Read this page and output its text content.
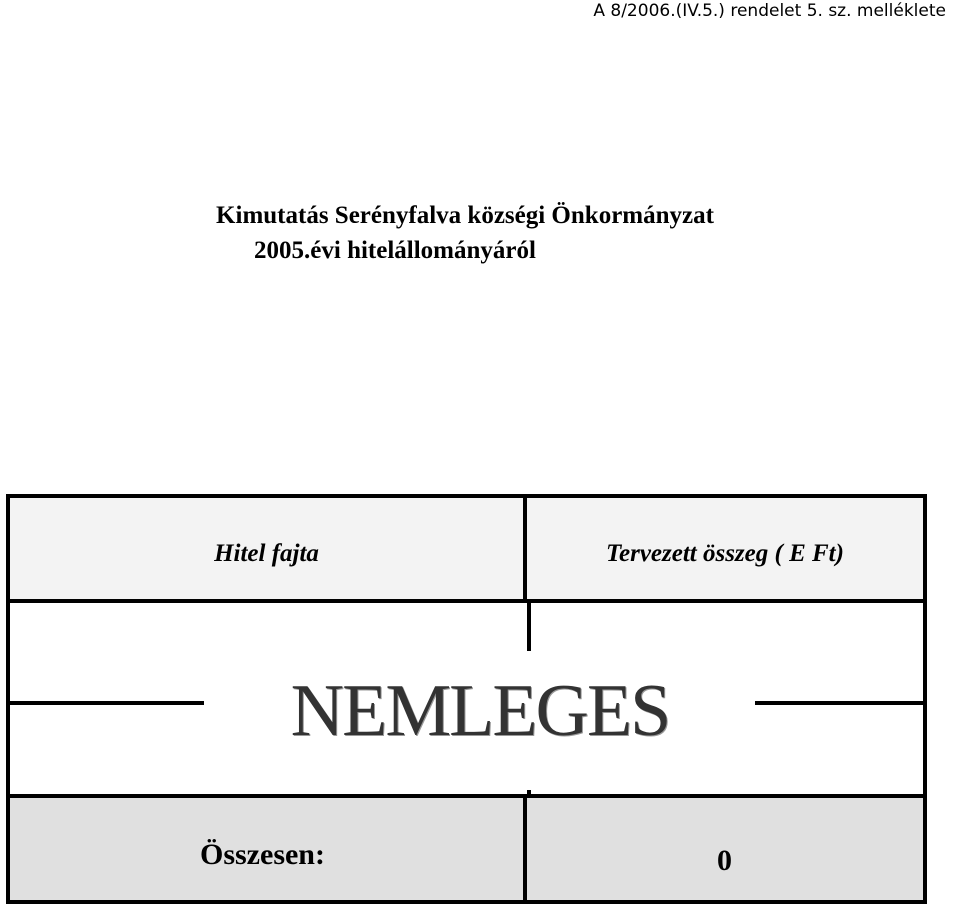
A 8/2006.(IV.5.) rendelet 5. sz. melléklete
Kimutatás Serényfalva községi Önkormányzat
2005.évi hitelállományáról
Hitel fajta	Tervezett összeg ( E Ft)
NEMLEGES
Összesen:	0
